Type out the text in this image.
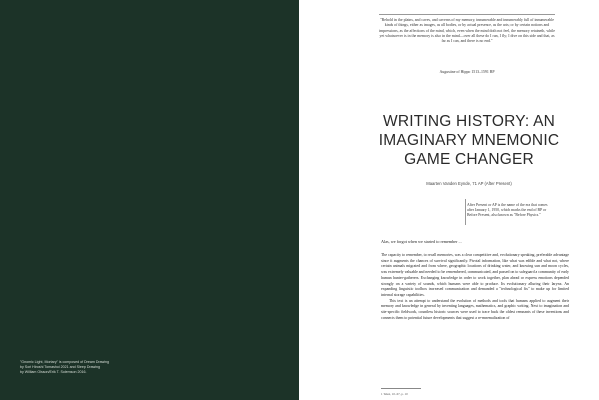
"Gnomic Light, Mortary" is composed of Dream Drawing
by Sori Hiroshi Tomashoi 2021 and Sleep Drawing
by William Olsson/Erik T. Solemson 2016.
"Behold in the plains, and caves, and caverns of my memory, innumerable and innumerably full of innumerable kinds of things, either as images, as all bodies, or by actual presence, as the arts; or by certain notions and impressions, as the affections of the mind, which, even when the mind doth not feel, the memory retaineth, while yet whatsoever is in the memory is also in the mind—over all these do I run, I fly; I dive on this side and that, as far as I can, and there is no end."
Augustine of Hippo 1513–1591 BP
WRITING HISTORY: AN IMAGINARY MNEMONIC GAME CHANGER
Maarten Vanden Eynde, 71 AP (After Present)
After Present or AP is the name of the era that comes after January 1, 1950, which marks the end of BP or Before Present, also known as "Before Physics."
Alas, we forgot when we started to remember ...

The capacity to remember, to recall memories, was a clear competitive and, evolutionary speaking, preferable advantage since it augments the chances of survival significantly. Pivotal information, like what was edible and what not, where certain animals migrated and from where, geographic locations of drinking water, and knowing sun and moon cycles, was extremely valuable and needed to be remembered, communicated, and passed on to safeguard a community of early human hunter-gatherers. Exchanging knowledge in order to work together, plan ahead or express emotions depended strongly on a variety of sounds, which humans were able to produce. Its evolutionary alluring their larynx. An expanding linguistic toolbox increased communication and demanded a "technological fix" to make up for limited internal storage capabilities.

This text is an attempt to understand the evolution of methods and tools that humans applied to augment their memory and knowledge in general by inventing languages, mathematics, and graphic writing. Next to imagination and site-specific fieldwork, countless historic sources were used to trace back the oldest remnants of these inventions and connects them to potential future developments that suggest a re-mnemalization of

1 Tekst, 10–67, p. 10
